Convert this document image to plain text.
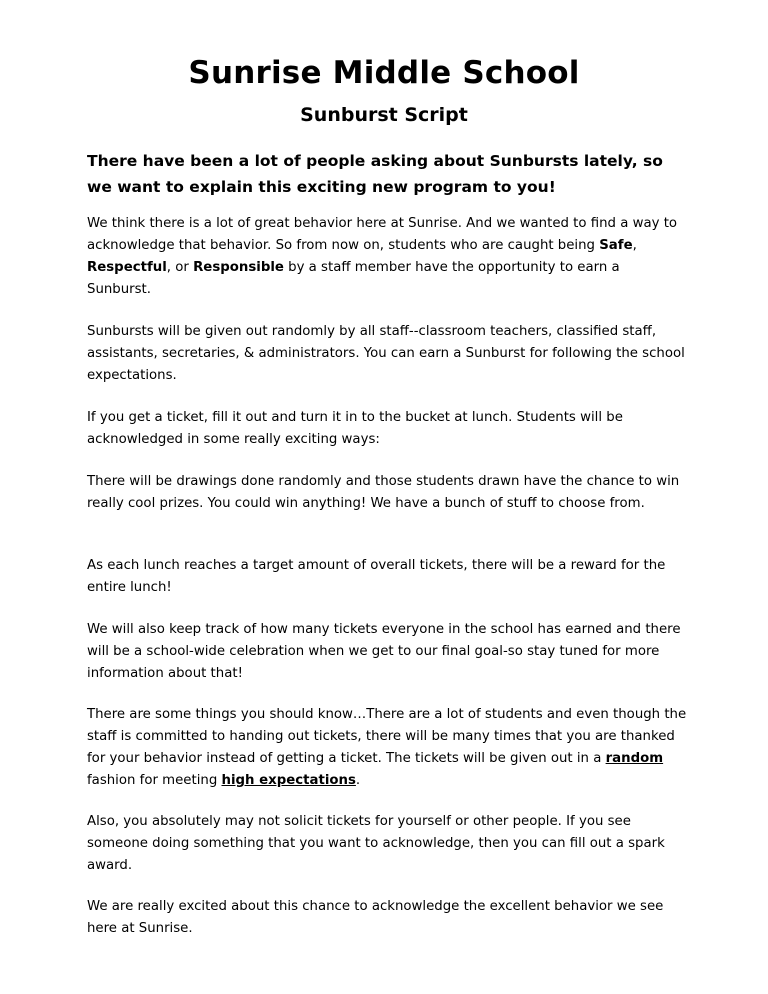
Sunrise Middle School
Sunburst Script
There have been a lot of people asking about Sunbursts lately, so we want to explain this exciting new program to you!
We think there is a lot of great behavior here at Sunrise. And we wanted to find a way to acknowledge that behavior. So from now on, students who are caught being Safe, Respectful, or Responsible by a staff member have the opportunity to earn a Sunburst.
Sunbursts will be given out randomly by all staff--classroom teachers, classified staff, assistants, secretaries, & administrators. You can earn a Sunburst for following the school expectations.
If you get a ticket, fill it out and turn it in to the bucket at lunch. Students will be acknowledged in some really exciting ways:
There will be drawings done randomly and those students drawn have the chance to win really cool prizes. You could win anything! We have a bunch of stuff to choose from.
As each lunch reaches a target amount of overall tickets, there will be a reward for the entire lunch!
We will also keep track of how many tickets everyone in the school has earned and there will be a school-wide celebration when we get to our final goal-so stay tuned for more information about that!
There are some things you should know…There are a lot of students and even though the staff is committed to handing out tickets, there will be many times that you are thanked for your behavior instead of getting a ticket. The tickets will be given out in a random fashion for meeting high expectations.
Also, you absolutely may not solicit tickets for yourself or other people. If you see someone doing something that you want to acknowledge, then you can fill out a spark award.
We are really excited about this chance to acknowledge the excellent behavior we see here at Sunrise.
